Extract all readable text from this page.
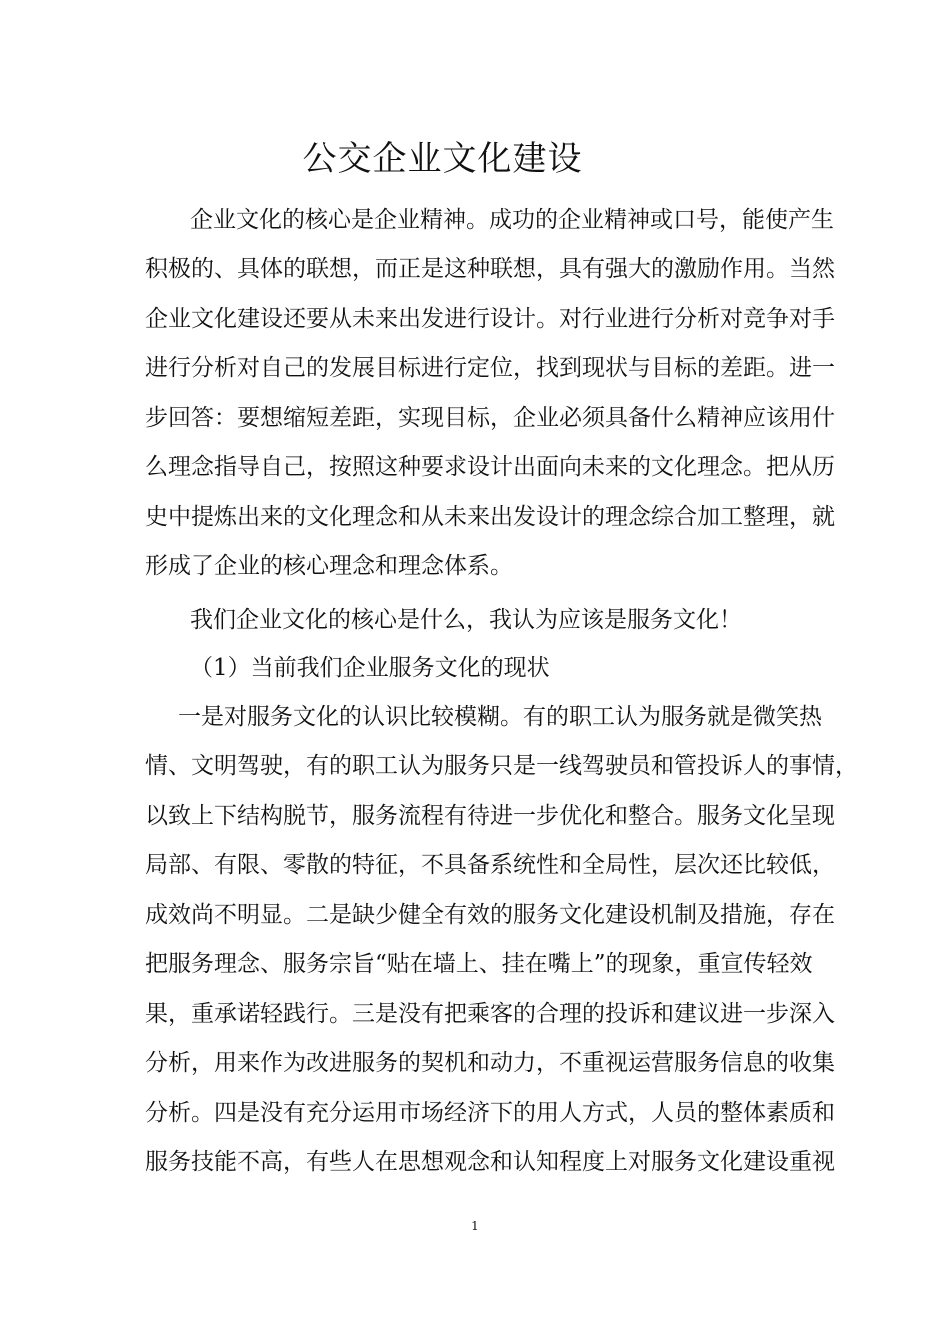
公交企业文化建设

企业文化的核心是企业精神。成功的企业精神或口号，能使产生

积极的、具体的联想，而正是这种联想，具有强大的激励作用。当然

企业文化建设还要从未来出发进行设计。对行业进行分析对竞争对手

进行分析对自己的发展目标进行定位，找到现状与目标的差距。进一

步回答：要想缩短差距，实现目标，企业必须具备什么精神应该用什

么理念指导自己，按照这种要求设计出面向未来的文化理念。把从历

史中提炼出来的文化理念和从未来出发设计的理念综合加工整理，就

形成了企业的核心理念和理念体系。

我们企业文化的核心是什么，我认为应该是服务文化！

（1）当前我们企业服务文化的现状

一是对服务文化的认识比较模糊。有的职工认为服务就是微笑热

情、文明驾驶，有的职工认为服务只是一线驾驶员和管投诉人的事情，

以致上下结构脱节，服务流程有待进一步优化和整合。服务文化呈现

局部、有限、零散的特征，不具备系统性和全局性，层次还比较低，

成效尚不明显。二是缺少健全有效的服务文化建设机制及措施，存在

把服务理念、服务宗旨“贴在墙上、挂在嘴上”的现象，重宣传轻效

果，重承诺轻践行。三是没有把乘客的合理的投诉和建议进一步深入

分析，用来作为改进服务的契机和动力，不重视运营服务信息的收集

分析。四是没有充分运用市场经济下的用人方式，人员的整体素质和

服务技能不高，有些人在思想观念和认知程度上对服务文化建设重视

1
